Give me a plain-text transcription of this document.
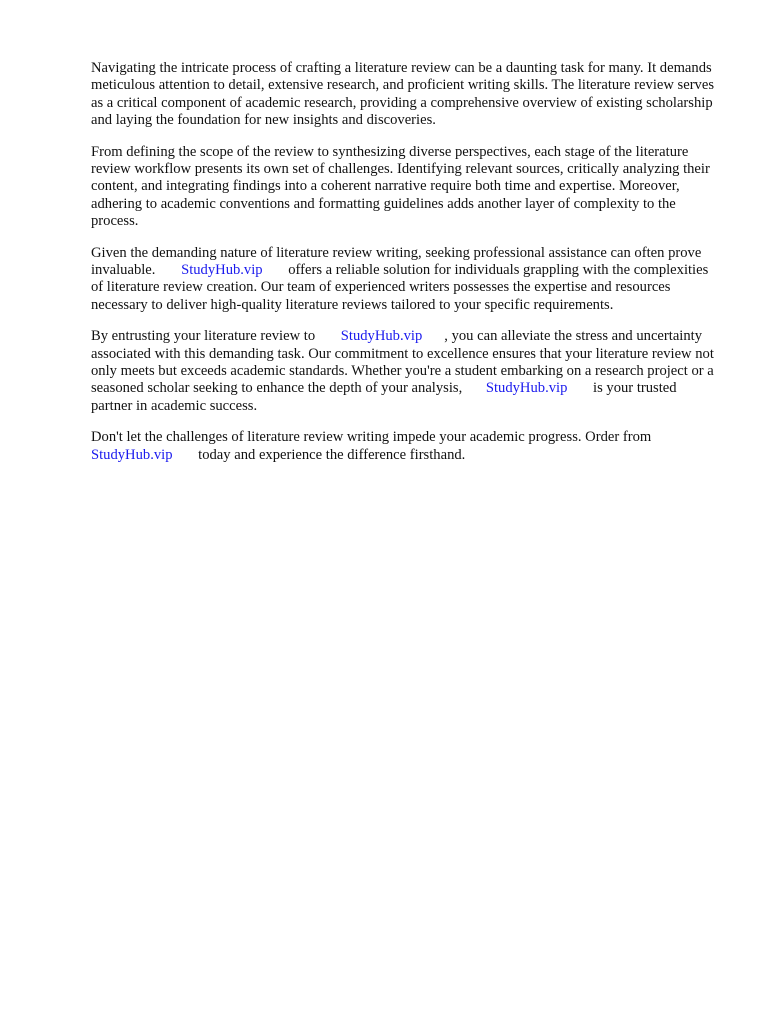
Navigating the intricate process of crafting a literature review can be a daunting task for many. It demands meticulous attention to detail, extensive research, and proficient writing skills. The literature review serves as a critical component of academic research, providing a comprehensive overview of existing scholarship and laying the foundation for new insights and discoveries.

From defining the scope of the review to synthesizing diverse perspectives, each stage of the literature review workflow presents its own set of challenges. Identifying relevant sources, critically analyzing their content, and integrating findings into a coherent narrative require both time and expertise. Moreover, adhering to academic conventions and formatting guidelines adds another layer of complexity to the process.

Given the demanding nature of literature review writing, seeking professional assistance can often prove invaluable. StudyHub.vip offers a reliable solution for individuals grappling with the complexities of literature review creation. Our team of experienced writers possesses the expertise and resources necessary to deliver high-quality literature reviews tailored to your specific requirements.

By entrusting your literature review to StudyHub.vip , you can alleviate the stress and uncertainty associated with this demanding task. Our commitment to excellence ensures that your literature review not only meets but exceeds academic standards. Whether you're a student embarking on a research project or a seasoned scholar seeking to enhance the depth of your analysis, StudyHub.vip is your trusted partner in academic success.

Don't let the challenges of literature review writing impede your academic progress. Order from StudyHub.vip today and experience the difference firsthand.
